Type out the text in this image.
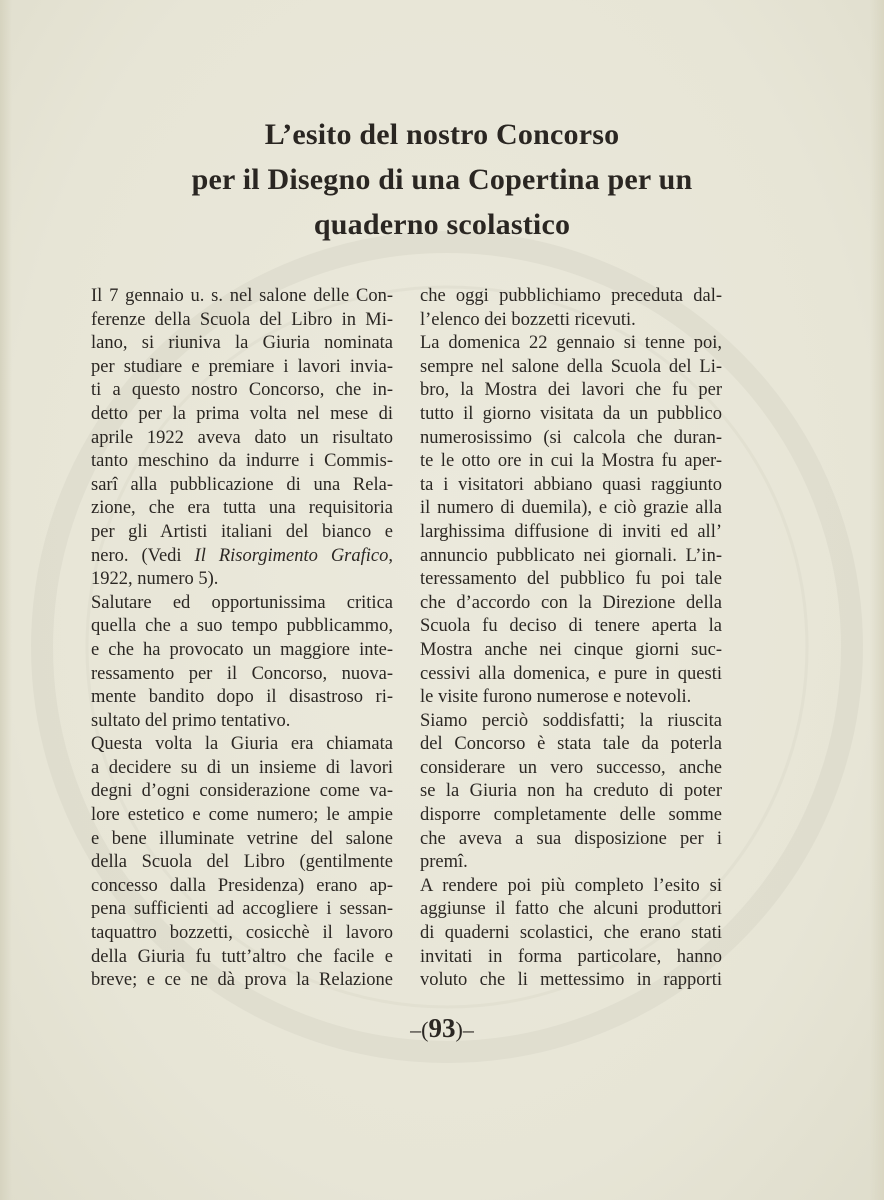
L’esito del nostro Concorso
per il Disegno di una Copertina per un
quaderno scolastico
Il 7 gennaio u. s. nel salone delle Con-
ferenze della Scuola del Libro in Mi-
lano, si riuniva la Giuria nominata
per studiare e premiare i lavori invia-
ti a questo nostro Concorso, che in-
detto per la prima volta nel mese di
aprile 1922 aveva dato un risultato
tanto meschino da indurre i Commis-
sarî alla pubblicazione di una Rela-
zione, che era tutta una requisitoria
per gli Artisti italiani del bianco e
nero. (Vedi Il Risorgimento Grafico,
1922, numero 5).
Salutare ed opportunissima critica
quella che a suo tempo pubblicammo,
e che ha provocato un maggiore inte-
ressamento per il Concorso, nuova-
mente bandito dopo il disastroso ri-
sultato del primo tentativo.
Questa volta la Giuria era chiamata
a decidere su di un insieme di lavori
degni d’ogni considerazione come va-
lore estetico e come numero; le ampie
e bene illuminate vetrine del salone
della Scuola del Libro (gentilmente
concesso dalla Presidenza) erano ap-
pena sufficienti ad accogliere i sessan-
taquattro bozzetti, cosicchè il lavoro
della Giuria fu tutt’altro che facile e
breve; e ce ne dà prova la Relazione
che oggi pubblichiamo preceduta dal-
l’elenco dei bozzetti ricevuti.
La domenica 22 gennaio si tenne poi,
sempre nel salone della Scuola del Li-
bro, la Mostra dei lavori che fu per
tutto il giorno visitata da un pubblico
numerosissimo (si calcola che duran-
te le otto ore in cui la Mostra fu aper-
ta i visitatori abbiano quasi raggiunto
il numero di duemila), e ciò grazie alla
larghissima diffusione di inviti ed all’
annuncio pubblicato nei giornali. L’in-
teressamento del pubblico fu poi tale
che d’accordo con la Direzione della
Scuola fu deciso di tenere aperta la
Mostra anche nei cinque giorni suc-
cessivi alla domenica, e pure in questi
le visite furono numerose e notevoli.
Siamo perciò soddisfatti; la riuscita
del Concorso è stata tale da poterla
considerare un vero successo, anche
se la Giuria non ha creduto di poter
disporre completamente delle somme
che aveva a sua disposizione per i
premî.
A rendere poi più completo l’esito si
aggiunse il fatto che alcuni produttori
di quaderni scolastici, che erano stati
invitati in forma particolare, hanno
voluto che li mettessimo in rapporti
–(93)–
